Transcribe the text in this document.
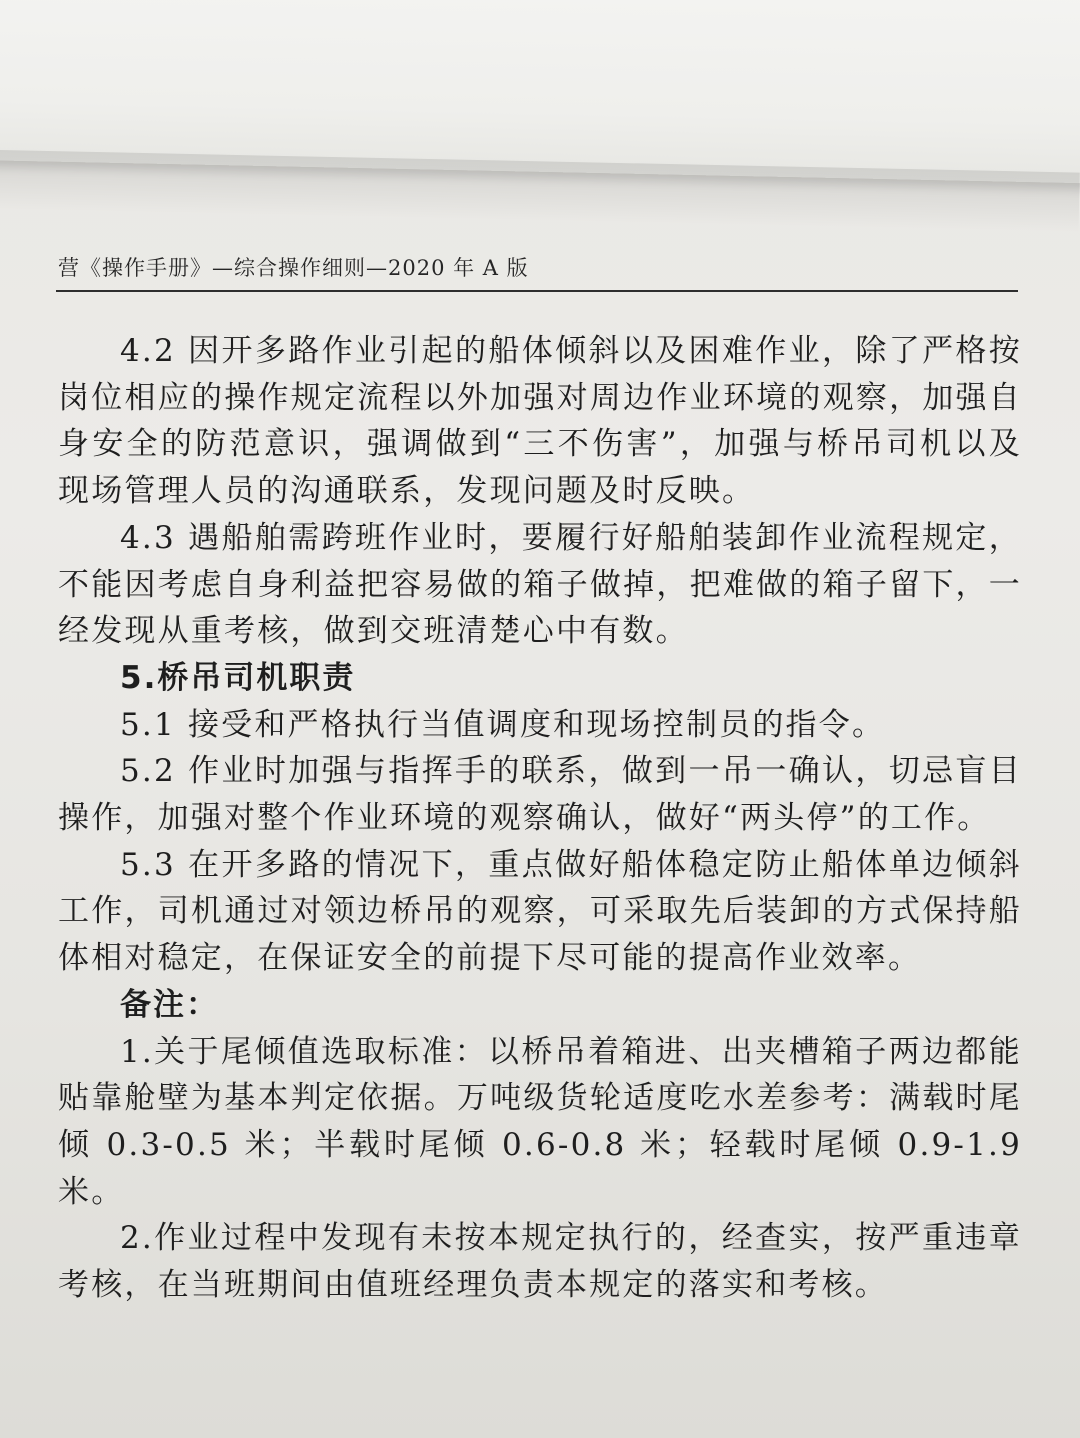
营《操作手册》—综合操作细则—2020 年 A 版

4.2 因开多路作业引起的船体倾斜以及困难作业，除了严格按岗位相应的操作规定流程以外加强对周边作业环境的观察，加强自身安全的防范意识，强调做到“三不伤害”，加强与桥吊司机以及现场管理人员的沟通联系，发现问题及时反映。

4.3 遇船舶需跨班作业时，要履行好船舶装卸作业流程规定，不能因考虑自身利益把容易做的箱子做掉，把难做的箱子留下，一经发现从重考核，做到交班清楚心中有数。

5.桥吊司机职责

5.1 接受和严格执行当值调度和现场控制员的指令。

5.2 作业时加强与指挥手的联系，做到一吊一确认，切忌盲目操作，加强对整个作业环境的观察确认，做好“两头停”的工作。

5.3 在开多路的情况下，重点做好船体稳定防止船体单边倾斜工作，司机通过对领边桥吊的观察，可采取先后装卸的方式保持船体相对稳定，在保证安全的前提下尽可能的提高作业效率。

备注：

1.关于尾倾值选取标准：以桥吊着箱进、出夹槽箱子两边都能贴靠舱壁为基本判定依据。万吨级货轮适度吃水差参考：满载时尾倾 0.3-0.5 米；半载时尾倾 0.6-0.8 米；轻载时尾倾 0.9-1.9 米。

2.作业过程中发现有未按本规定执行的，经查实，按严重违章考核，在当班期间由值班经理负责本规定的落实和考核。
